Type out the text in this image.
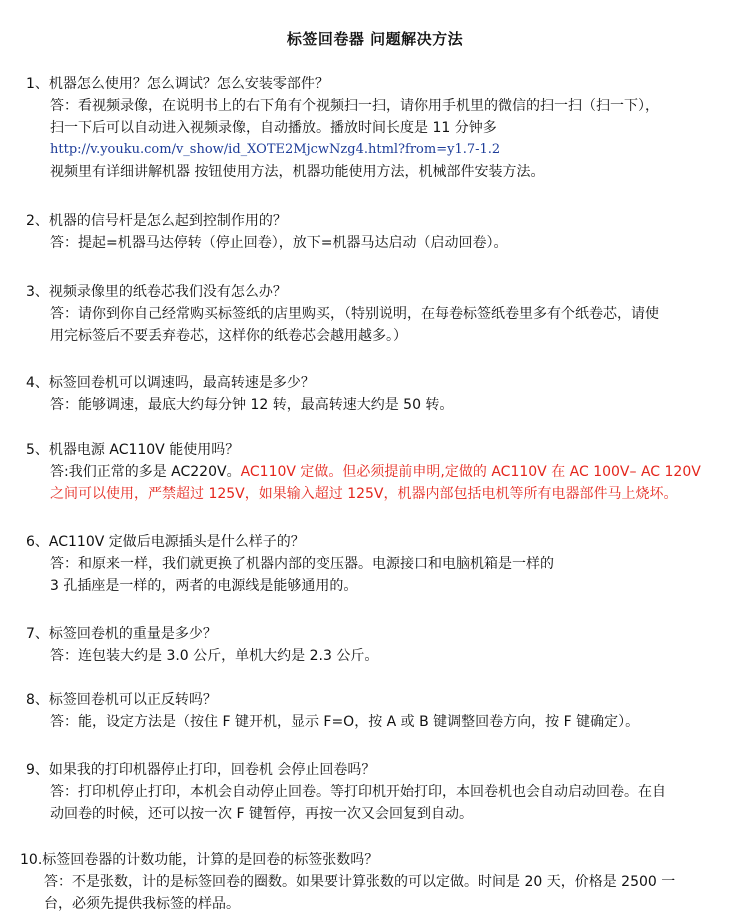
标签回卷器 问题解决方法
1、机器怎么使用？怎么调试？怎么安装零部件？
答：看视频录像，在说明书上的右下角有个视频扫一扫，请你用手机里的微信的扫一扫（扫一下），
扫一下后可以自动进入视频录像，自动播放。播放时间长度是 11 分钟多
http://v.youku.com/v_show/id_XOTE2MjcwNzg4.html?from=y1.7-1.2
视频里有详细讲解机器 按钮使用方法，机器功能使用方法，机械部件安装方法。
2、机器的信号杆是怎么起到控制作用的？
答：提起=机器马达停转（停止回卷），放下=机器马达启动（启动回卷）。
3、视频录像里的纸卷芯我们没有怎么办？
答：请你到你自己经常购买标签纸的店里购买，（特别说明，在每卷标签纸卷里多有个纸卷芯，请使
用完标签后不要丢弃卷芯，这样你的纸卷芯会越用越多。）
4、标签回卷机可以调速吗，最高转速是多少？
答：能够调速，最底大约每分钟 12 转，最高转速大约是 50 转。
5、机器电源 AC110V 能使用吗？
答:我们正常的多是 AC220V。AC110V 定做。但必须提前申明,定做的 AC110V 在 AC 100V– AC 120V
之间可以使用，严禁超过 125V，如果输入超过 125V，机器内部包括电机等所有电器部件马上烧坏。
6、AC110V 定做后电源插头是什么样子的？
答：和原来一样，我们就更换了机器内部的变压器。电源接口和电脑机箱是一样的
3 孔插座是一样的，两者的电源线是能够通用的。
7、标签回卷机的重量是多少？
答：连包装大约是 3.0 公斤，单机大约是 2.3 公斤。
8、标签回卷机可以正反转吗？
答：能，设定方法是（按住 F 键开机，显示 F=O，按 A 或 B 键调整回卷方向，按 F 键确定）。
9、如果我的打印机器停止打印，回卷机 会停止回卷吗？
答：打印机停止打印，本机会自动停止回卷。等打印机开始打印，本回卷机也会自动启动回卷。在自
动回卷的时候，还可以按一次 F 键暂停，再按一次又会回复到自动。
10.标签回卷器的计数功能，计算的是回卷的标签张数吗？
答：不是张数，计的是标签回卷的圈数。如果要计算张数的可以定做。时间是 20 天，价格是 2500 一
台，必须先提供我标签的样品。
